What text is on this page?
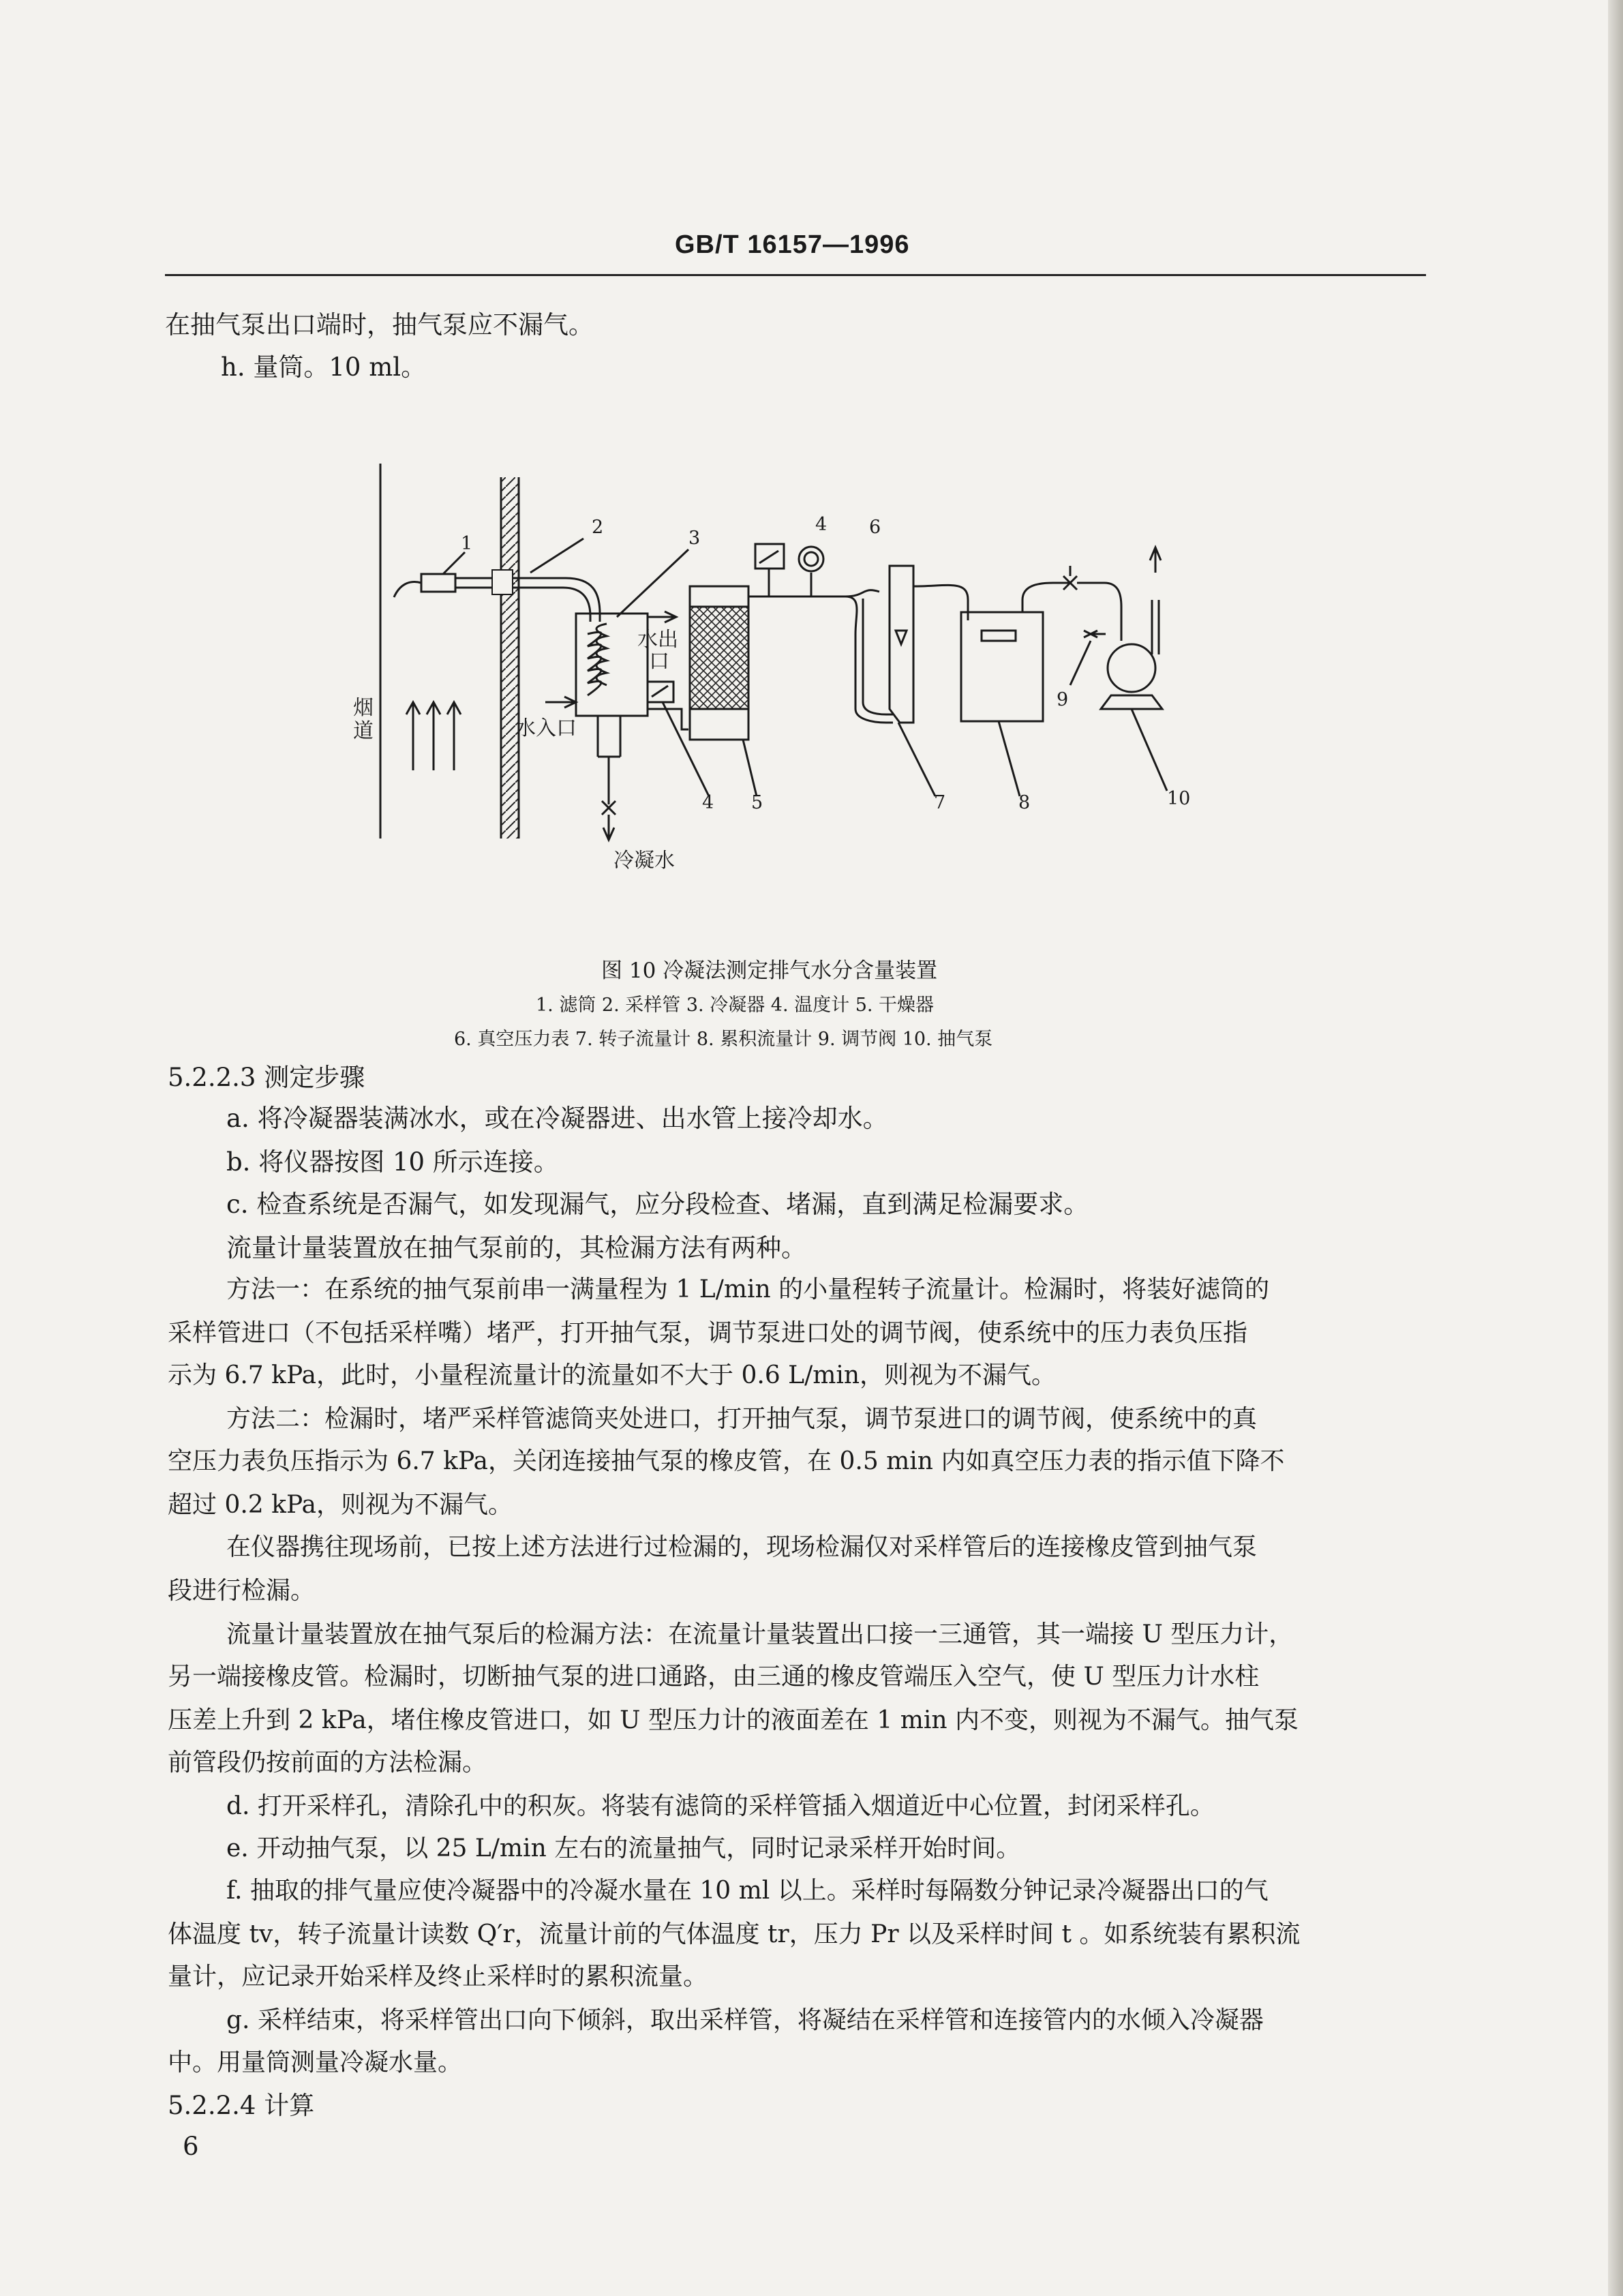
GB/T 16157—1996
在抽气泵出口端时，抽气泵应不漏气。
h. 量筒。10 ml。
1
2
3
4 6
4 5	7	8
9
10
烟
道
水出
口
水入口
冷凝水
图 10 冷凝法测定排气水分含量装置
1. 滤筒 2. 采样管 3. 冷凝器 4. 温度计 5. 干燥器
6. 真空压力表 7. 转子流量计 8. 累积流量计 9. 调节阀 10. 抽气泵
5.2.2.3 测定步骤
a. 将冷凝器装满冰水，或在冷凝器进、出水管上接冷却水。
b. 将仪器按图 10 所示连接。
c. 检查系统是否漏气，如发现漏气，应分段检查、堵漏，直到满足检漏要求。
流量计量装置放在抽气泵前的，其检漏方法有两种。
方法一：在系统的抽气泵前串一满量程为 1 L/min 的小量程转子流量计。检漏时，将装好滤筒的
采样管进口（不包括采样嘴）堵严，打开抽气泵，调节泵进口处的调节阀，使系统中的压力表负压指
示为 6.7 kPa，此时，小量程流量计的流量如不大于 0.6 L/min，则视为不漏气。
方法二：检漏时，堵严采样管滤筒夹处进口，打开抽气泵，调节泵进口的调节阀，使系统中的真
空压力表负压指示为 6.7 kPa，关闭连接抽气泵的橡皮管，在 0.5 min 内如真空压力表的指示值下降不
超过 0.2 kPa，则视为不漏气。
在仪器携往现场前，已按上述方法进行过检漏的，现场检漏仅对采样管后的连接橡皮管到抽气泵
段进行检漏。
流量计量装置放在抽气泵后的检漏方法：在流量计量装置出口接一三通管，其一端接 U 型压力计，
另一端接橡皮管。检漏时，切断抽气泵的进口通路，由三通的橡皮管端压入空气，使 U 型压力计水柱
压差上升到 2 kPa，堵住橡皮管进口，如 U 型压力计的液面差在 1 min 内不变，则视为不漏气。抽气泵
前管段仍按前面的方法检漏。
d. 打开采样孔，清除孔中的积灰。将装有滤筒的采样管插入烟道近中心位置，封闭采样孔。
e. 开动抽气泵，以 25 L/min 左右的流量抽气，同时记录采样开始时间。
f. 抽取的排气量应使冷凝器中的冷凝水量在 10 ml 以上。采样时每隔数分钟记录冷凝器出口的气
体温度 tv，转子流量计读数 Q′r，流量计前的气体温度 tr，压力 Pr 以及采样时间 t 。如系统装有累积流
量计，应记录开始采样及终止采样时的累积流量。
g. 采样结束，将采样管出口向下倾斜，取出采样管，将凝结在采样管和连接管内的水倾入冷凝器
中。用量筒测量冷凝水量。
5.2.2.4 计算
6
